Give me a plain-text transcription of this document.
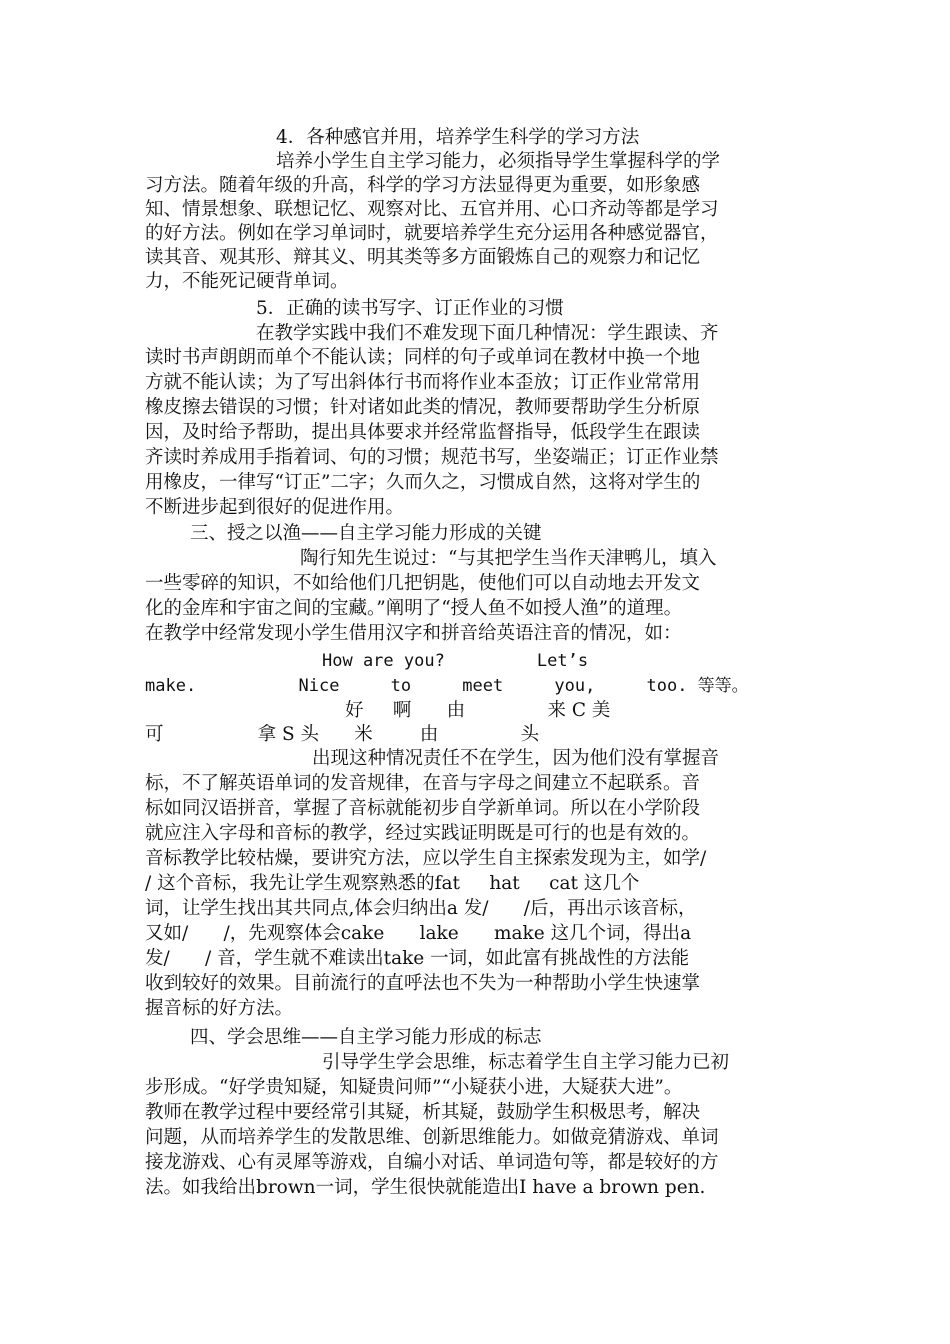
4．各种感官并用，培养学生科学的学习方法
培养小学生自主学习能力，必须指导学生掌握科学的学
习方法。随着年级的升高，科学的学习方法显得更为重要，如形象感
知、情景想象、联想记忆、观察对比、五官并用、心口齐动等都是学习
的好方法。例如在学习单词时，就要培养学生充分运用各种感觉器官，
读其音、观其形、辩其义、明其类等多方面锻炼自己的观察力和记忆
力，不能死记硬背单词。
5．正确的读书写字、订正作业的习惯
在教学实践中我们不难发现下面几种情况：学生跟读、齐
读时书声朗朗而单个不能认读；同样的句子或单词在教材中换一个地
方就不能认读；为了写出斜体行书而将作业本歪放；订正作业常常用
橡皮擦去错误的习惯；针对诸如此类的情况，教师要帮助学生分析原
因，及时给予帮助，提出具体要求并经常监督指导，低段学生在跟读
齐读时养成用手指着词、句的习惯；规范书写，坐姿端正；订正作业禁
用橡皮，一律写“订正”二字；久而久之，习惯成自然，这将对学生的
不断进步起到很好的促进作用。
三、授之以渔——自主学习能力形成的关键
陶行知先生说过：“与其把学生当作天津鸭儿，填入
一些零碎的知识，不如给他们几把钥匙，使他们可以自动地去开发文
化的金库和宇宙之间的宝藏。”阐明了“授人鱼不如授人渔”的道理。
在教学中经常发现小学生借用汉字和拼音给英语注音的情况，如：
How are you?         Let’s
make.          Nice     to     meet     you,     too. 等等。
好     啊      由              来 C 美
可                拿 S 头      米        由              头
出现这种情况责任不在学生，因为他们没有掌握音
标，不了解英语单词的发音规律，在音与字母之间建立不起联系。音
标如同汉语拼音，掌握了音标就能初步自学新单词。所以在小学阶段
就应注入字母和音标的教学，经过实践证明既是可行的也是有效的。
音标教学比较枯燥，要讲究方法，应以学生自主探索发现为主，如学/
/ 这个音标，我先让学生观察熟悉的fat     hat     cat 这几个
词，让学生找出其共同点,体会归纳出a 发/      /后，再出示该音标，
又如/      /，先观察体会cake      lake      make 这几个词，得出a
发/      / 音，学生就不难读出take 一词，如此富有挑战性的方法能
收到较好的效果。目前流行的直呼法也不失为一种帮助小学生快速掌
握音标的好方法。
四、学会思维——自主学习能力形成的标志
引导学生学会思维，标志着学生自主学习能力已初
步形成。“好学贵知疑，知疑贵问师”“小疑获小进，大疑获大进”。
教师在教学过程中要经常引其疑，析其疑，鼓励学生积极思考，解决
问题，从而培养学生的发散思维、创新思维能力。如做竞猜游戏、单词
接龙游戏、心有灵犀等游戏，自编小对话、单词造句等，都是较好的方
法。如我给出brown一词，学生很快就能造出I have a brown pen.
